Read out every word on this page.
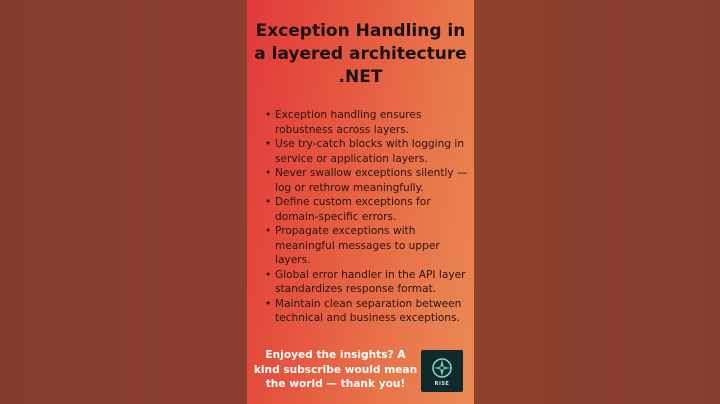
Exception Handling in
a layered architecture
.NET
• Exception handling ensures robustness across layers.
• Use try-catch blocks with logging in service or application layers.
• Never swallow exceptions silently — log or rethrow meaningfully.
• Define custom exceptions for domain-specific errors.
• Propagate exceptions with meaningful messages to upper layers.
• Global error handler in the API layer standardizes response format.
• Maintain clean separation between technical and business exceptions.
Enjoyed the insights? A kind subscribe would mean the world — thank you!	RISE
